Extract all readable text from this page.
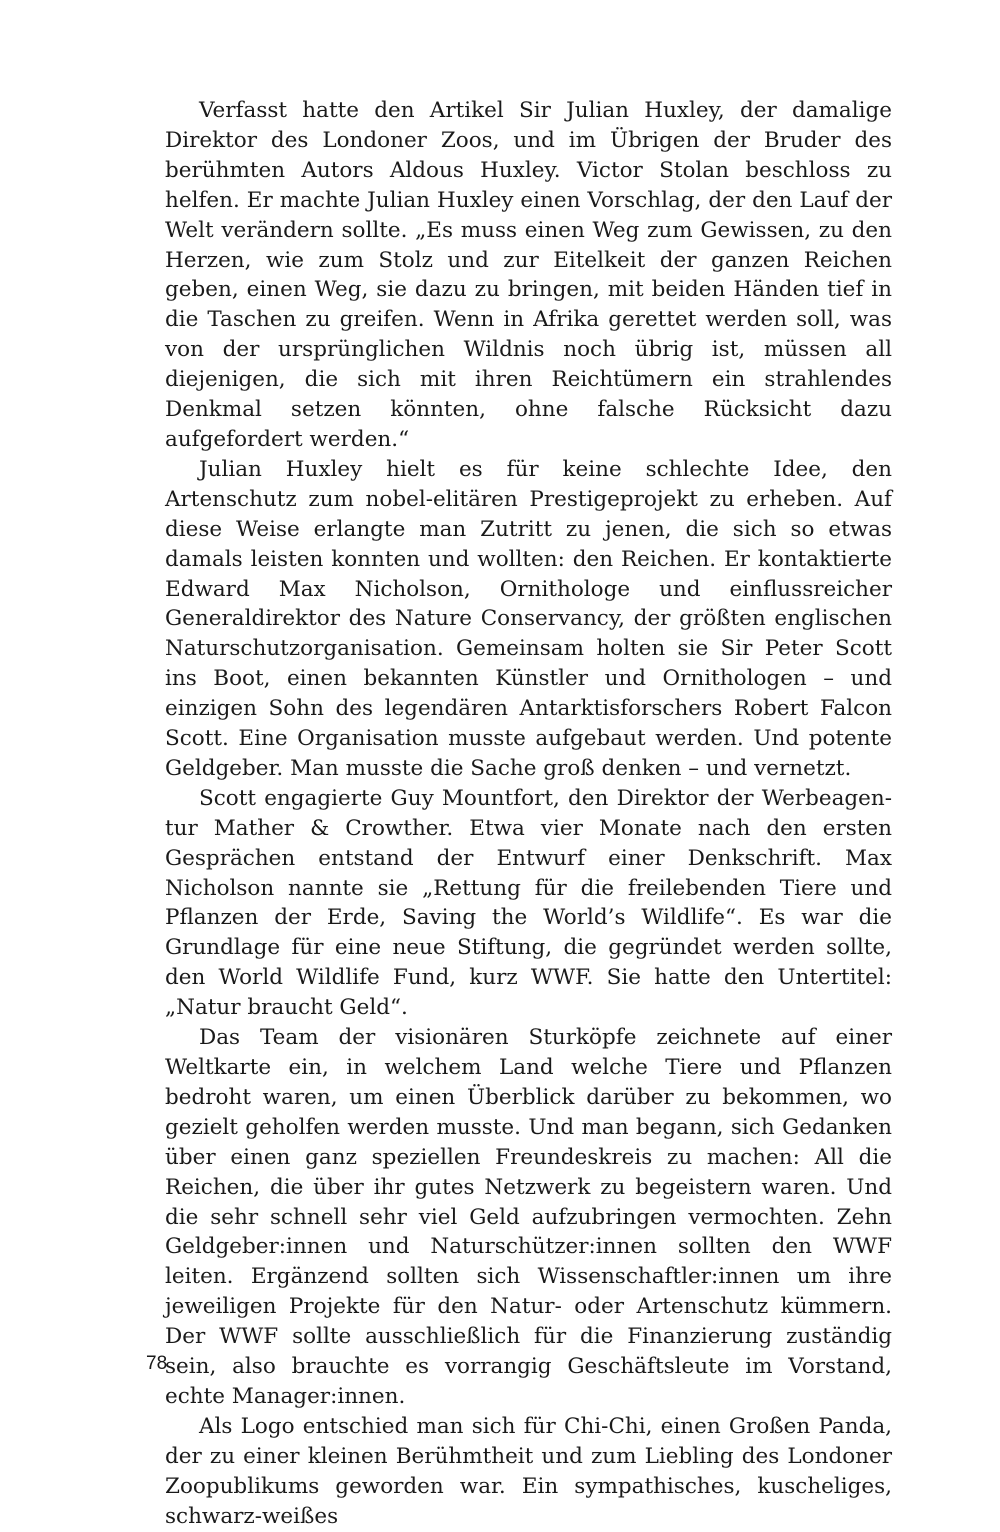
Verfasst hatte den Artikel Sir Julian Huxley, der damalige Direktor des Londoner Zoos, und im Übrigen der Bruder des berühmten Autors Aldous Huxley. Victor Stolan beschloss zu helfen. Er machte Julian Huxley einen Vorschlag, der den Lauf der Welt verändern sollte. „Es muss einen Weg zum Gewissen, zu den Herzen, wie zum Stolz und zur Eitelkeit der ganzen Reichen geben, einen Weg, sie dazu zu bringen, mit beiden Händen tief in die Taschen zu greifen. Wenn in Afrika gerettet werden soll, was von der ursprünglichen Wildnis noch übrig ist, müssen all diejenigen, die sich mit ihren Reichtümern ein strahlendes Denkmal setzen könnten, ohne falsche Rücksicht dazu aufgefordert werden.“

Julian Huxley hielt es für keine schlechte Idee, den Artenschutz zum nobel-elitären Prestigeprojekt zu erheben. Auf diese Weise erlangte man Zutritt zu jenen, die sich so etwas damals leisten konnten und wollten: den Reichen. Er kontaktierte Edward Max Nicholson, Ornithologe und einflussreicher Generaldirektor des Nature Conservancy, der größten englischen Naturschutzorganisation. Gemeinsam holten sie Sir Peter Scott ins Boot, einen bekannten Künstler und Ornithologen – und einzigen Sohn des legendären Antarktisforschers Robert Falcon Scott. Eine Organisation musste aufgebaut werden. Und potente Geldgeber. Man musste die Sache groß denken – und vernetzt.

Scott engagierte Guy Mountfort, den Direktor der Werbeagentur Mather & Crowther. Etwa vier Monate nach den ersten Gesprächen entstand der Entwurf einer Denkschrift. Max Nicholson nannte sie „Rettung für die freilebenden Tiere und Pflanzen der Erde, Saving the World’s Wildlife“. Es war die Grundlage für eine neue Stiftung, die gegründet werden sollte, den World Wildlife Fund, kurz WWF. Sie hatte den Untertitel: „Natur braucht Geld“.

Das Team der visionären Sturköpfe zeichnete auf einer Weltkarte ein, in welchem Land welche Tiere und Pflanzen bedroht waren, um einen Überblick darüber zu bekommen, wo gezielt geholfen werden musste. Und man begann, sich Gedanken über einen ganz speziellen Freundeskreis zu machen: All die Reichen, die über ihr gutes Netzwerk zu begeistern waren. Und die sehr schnell sehr viel Geld aufzubringen vermochten. Zehn Geldgeber:innen und Naturschützer:innen sollten den WWF leiten. Ergänzend sollten sich Wissenschaftler:innen um ihre jeweiligen Projekte für den Natur- oder Artenschutz kümmern. Der WWF sollte ausschließlich für die Finanzierung zuständig sein, also brauchte es vorrangig Geschäftsleute im Vorstand, echte Manager:innen.

Als Logo entschied man sich für Chi-Chi, einen Großen Panda, der zu einer kleinen Berühmtheit und zum Liebling des Londoner Zoopublikums geworden war. Ein sympathisches, kuscheliges, schwarz-weißes

78
